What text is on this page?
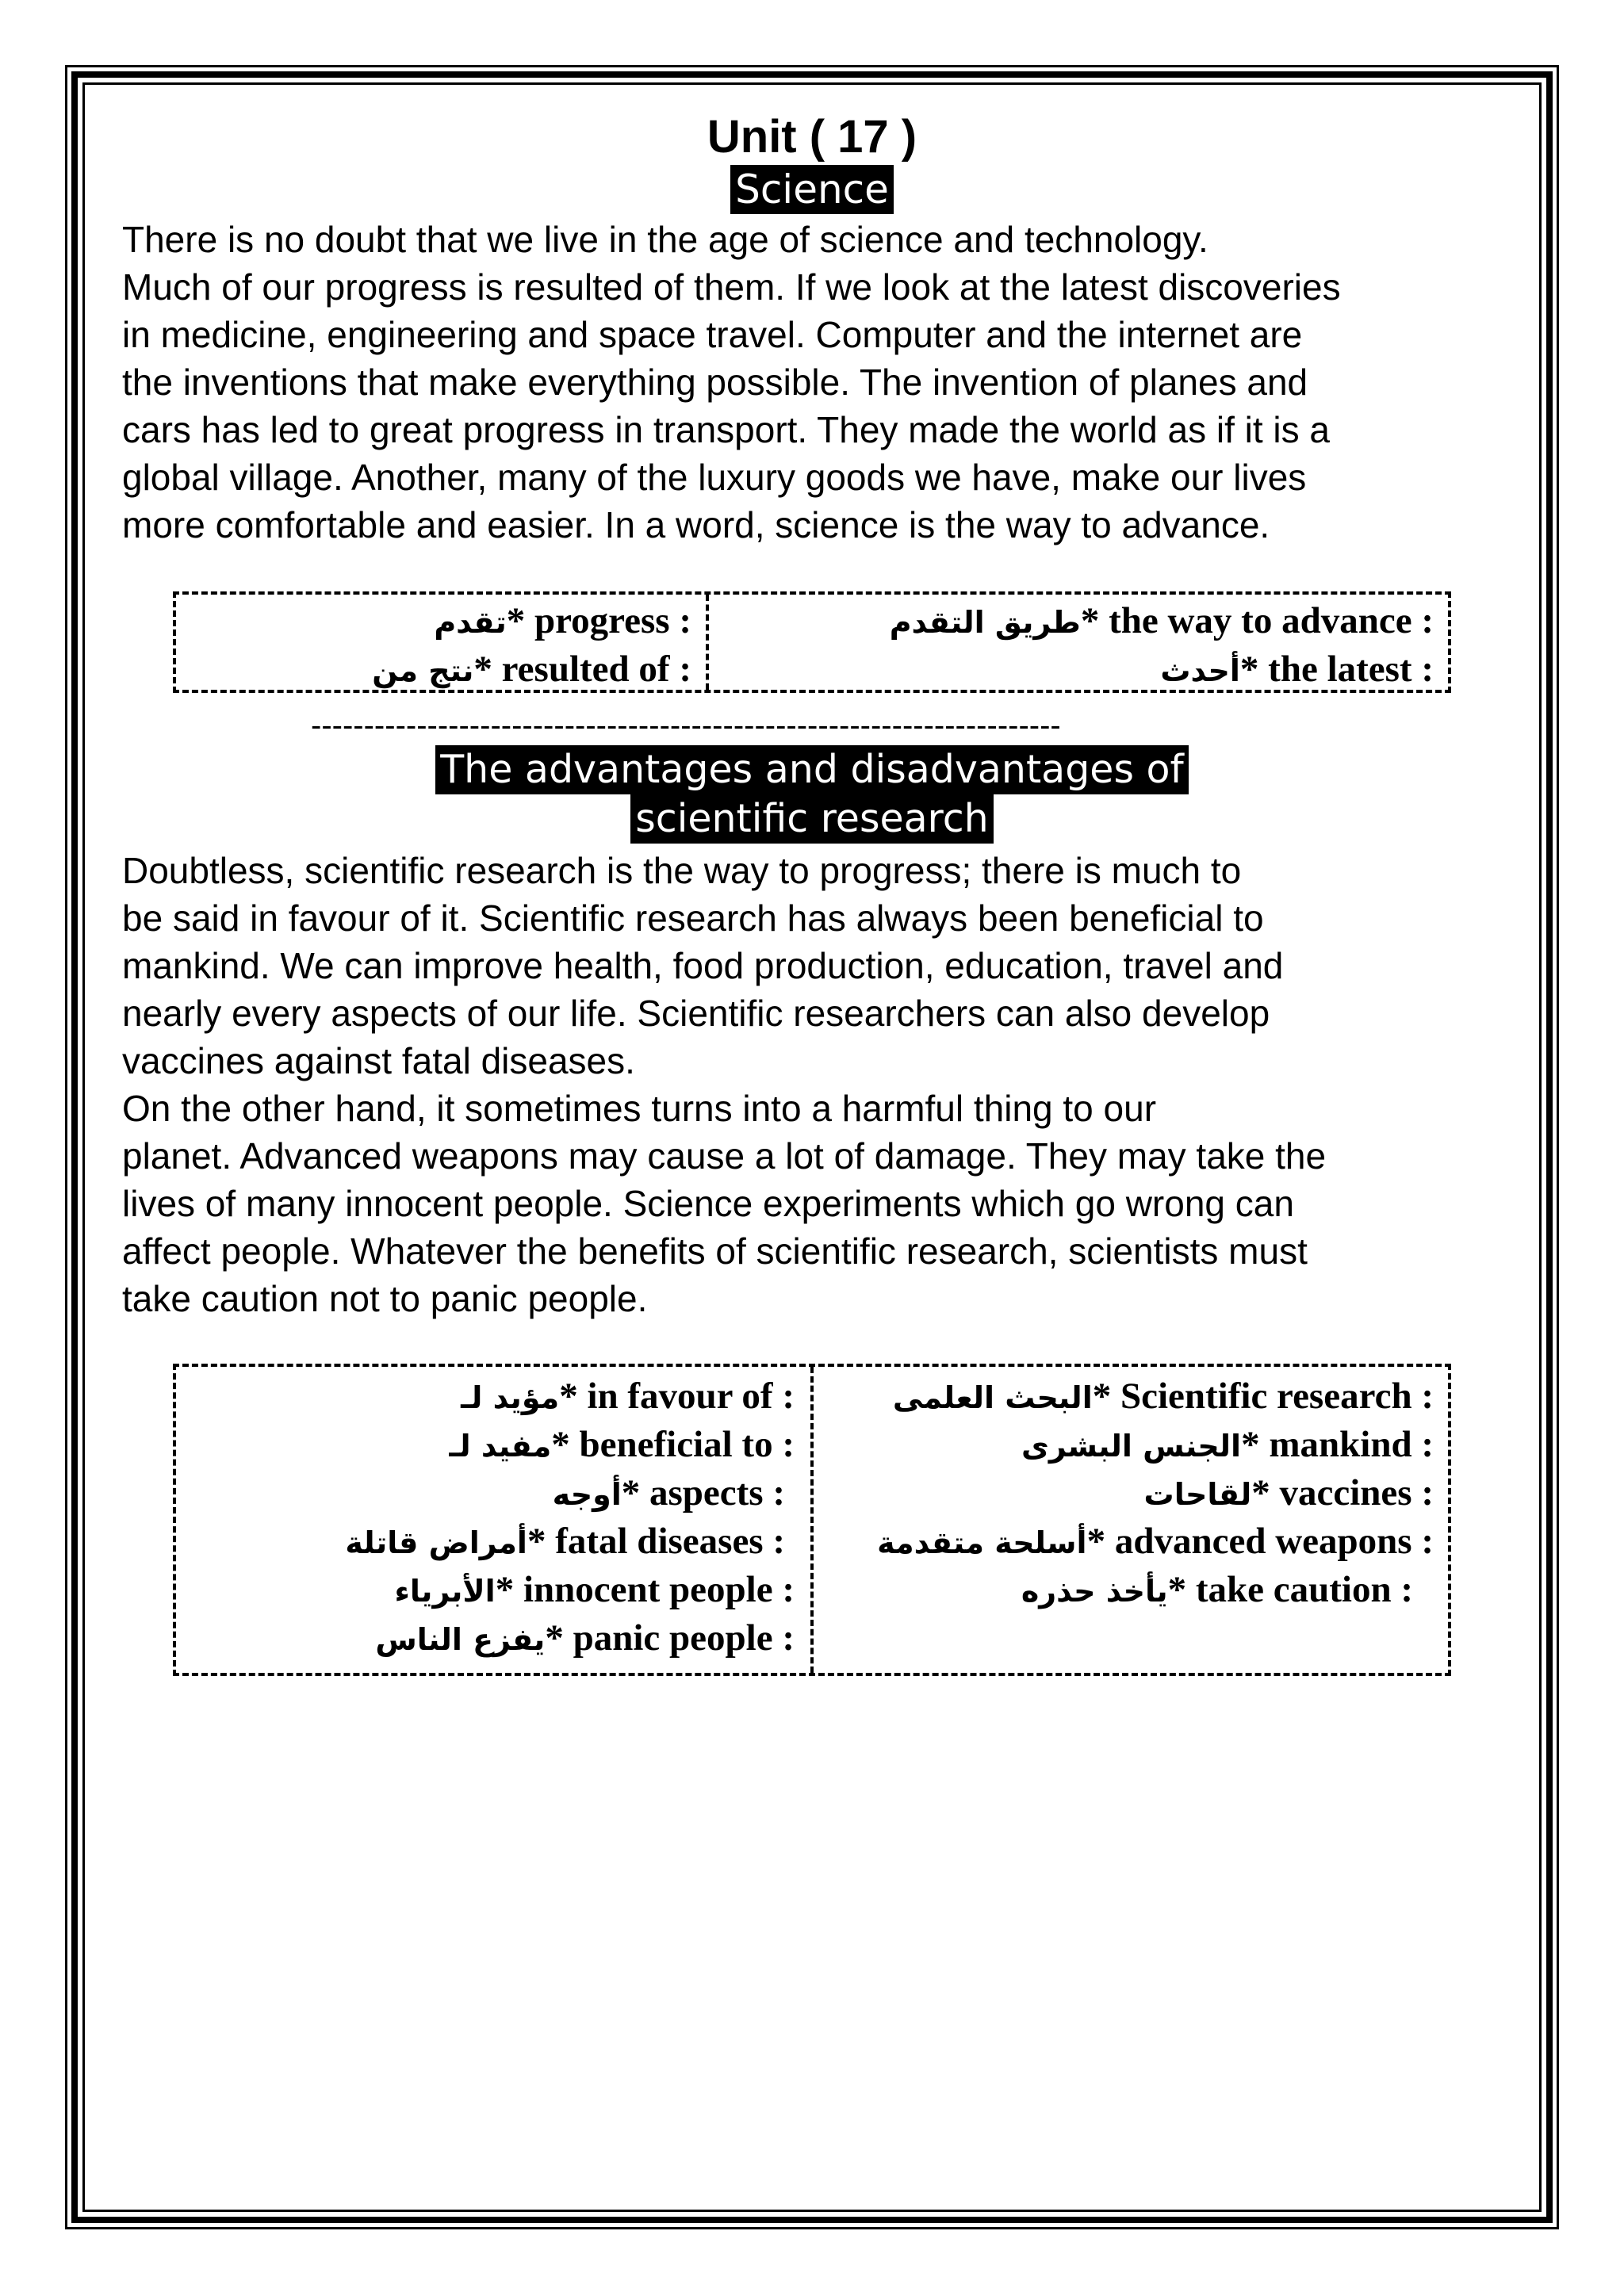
Unit ( 17 )
Science
There is no doubt that we live in the age of science and technology.
Much of our progress is resulted of them. If we look at the latest discoveries
in medicine, engineering and space travel. Computer and the internet are
the inventions that make everything possible. The invention of planes and
cars has led to great progress in transport. They made the world as if it is a
global village. Another, many of the luxury goods we have, make our lives
more comfortable and easier. In a word, science is the way to advance.
طريق التقدم* the way to advance :
أحدث* the latest :
تقدم* progress :
نتج من* resulted of :
-----------------------------------------------------------------------
The advantages and disadvantages of
scientific research
Doubtless, scientific research is the way to progress; there is much to
be said in favour of it. Scientific research has always been beneficial to
mankind. We can improve health, food production, education, travel and
nearly every aspects of our life. Scientific researchers can also develop
vaccines against fatal diseases.
On the other hand, it sometimes turns into a harmful thing to our
planet. Advanced weapons may cause a lot of damage. They may take the
lives of many innocent people. Science experiments which go wrong can
affect people. Whatever the benefits of scientific research, scientists must
take caution not to panic people.
البحث العلمى* Scientific research :
الجنس البشرى* mankind :
لقاحات* vaccines :
أسلحة متقدمة* advanced weapons :
يأخذ حذره* take caution :
مؤيد لـ* in favour of :
مفيد لـ* beneficial to :
أوجه* aspects :
أمراض قاتلة* fatal diseases :
الأبرياء* innocent people :
يفزع الناس* panic people :
